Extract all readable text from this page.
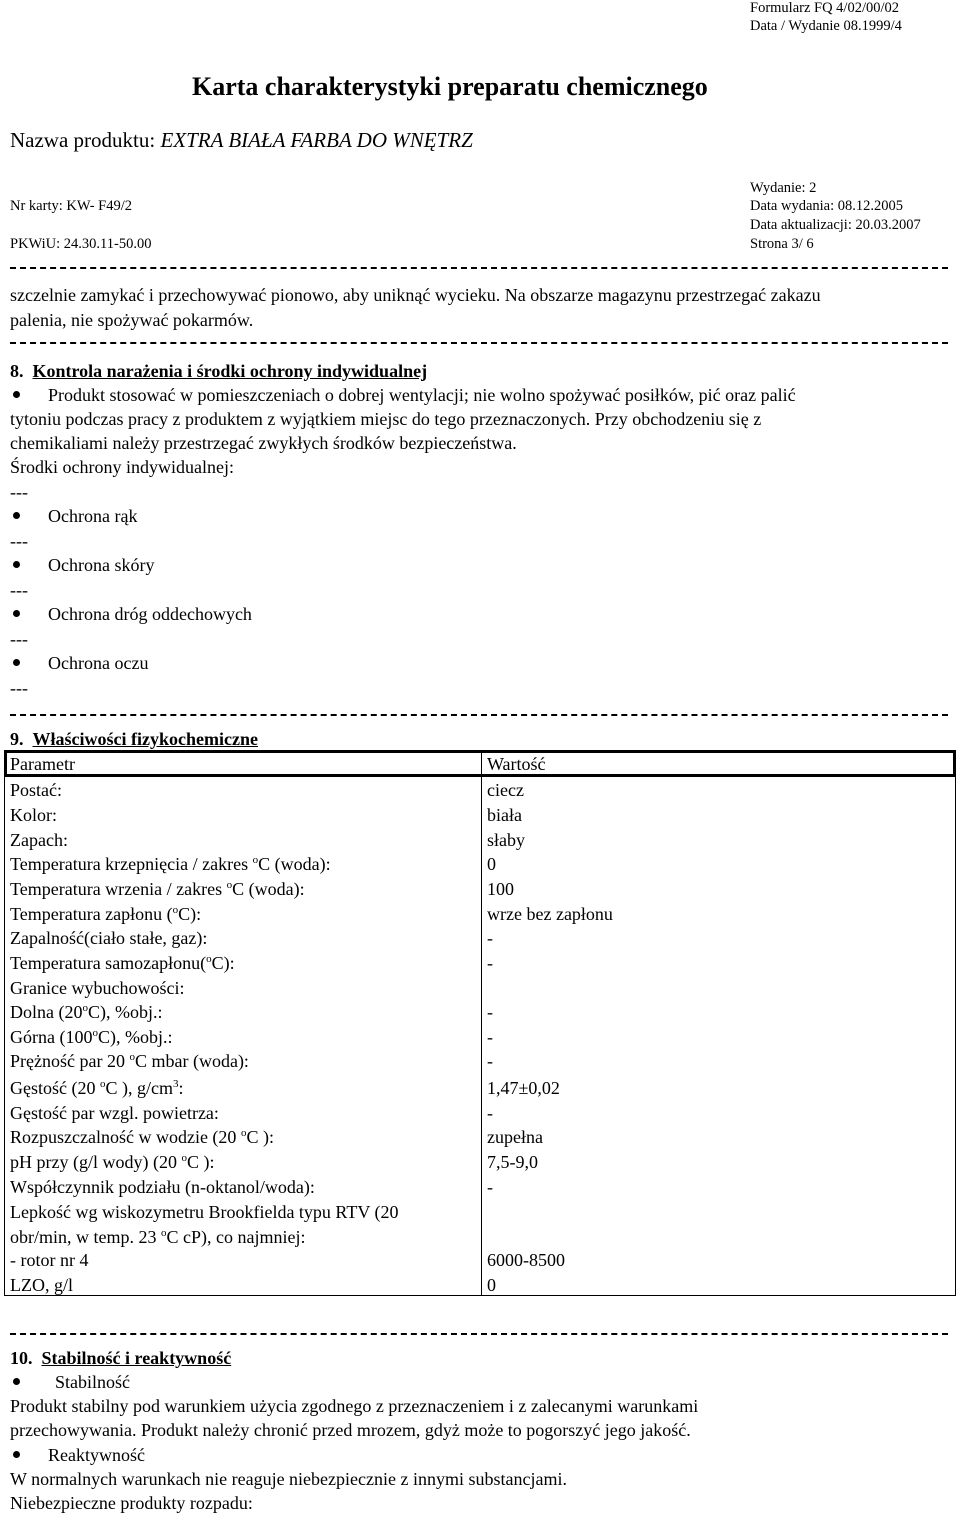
Formularz FQ 4/02/00/02
Data / Wydanie 08.1999/4
Karta charakterystyki preparatu chemicznego
Nazwa produktu: EXTRA BIAŁA FARBA DO WNĘTRZ
Wydanie: 2
Nr karty: KW- F49/2	Data wydania: 08.12.2005
Data aktualizacji: 20.03.2007
PKWiU: 24.30.11-50.00	Strona 3/ 6
szczelnie zamykać i przechowywać pionowo, aby uniknąć wycieku. Na obszarze magazynu przestrzegać zakazu
palenia, nie spożywać pokarmów.
8. Kontrola narażenia i środki ochrony indywidualnej
Produkt stosować w pomieszczeniach o dobrej wentylacji; nie wolno spożywać posiłków, pić oraz palić
tytoniu podczas pracy z produktem z wyjątkiem miejsc do tego przeznaczonych. Przy obchodzeniu się z
chemikaliami należy przestrzegać zwykłych środków bezpieczeństwa.
Środki ochrony indywidualnej:
---
Ochrona rąk
---
Ochrona skóry
---
Ochrona dróg oddechowych
---
Ochrona oczu
---
9. Właściwości fizykochemiczne
Parametr	Wartość
Postać:	ciecz
Kolor:	biała
Zapach:	słaby
Temperatura krzepnięcia / zakres $^o$C (woda):	0
Temperatura wrzenia / zakres $^o$C (woda):	100
Temperatura zapłonu ($^o$C):	wrze bez zapłonu
Zapalność(ciało stałe, gaz):	-
Temperatura samozapłonu($^o$C):	-
Granice wybuchowości:
Dolna (20$^o$C), %obj.:	-
Górna (100$^o$C), %obj.:	-
Prężność par 20 $^o$C mbar (woda):	-
Gęstość (20 $^o$C ), $g/cm^3$:	1,47±0,02
Gęstość par wzgl. powietrza:	-
Rozpuszczalność w wodzie (20 $^o$C ):	zupełna
pH przy (g/l wody) (20 $^o$C ):	7,5-9,0
Współczynnik podziału (n-oktanol/woda):	-
Lepkość wg wiskozymetru Brookfielda typu RTV (20
obr/min, w temp. 23 $^o$C cP), co najmniej:
- rotor nr 4	6000-8500
LZO, g/l	0
10. Stabilność i reaktywność
Stabilność
Produkt stabilny pod warunkiem użycia zgodnego z przeznaczeniem i z zalecanymi warunkami
przechowywania. Produkt należy chronić przed mrozem, gdyż może to pogorszyć jego jakość.
Reaktywność
W normalnych warunkach nie reaguje niebezpiecznie z innymi substancjami.
Niebezpieczne produkty rozpadu:
